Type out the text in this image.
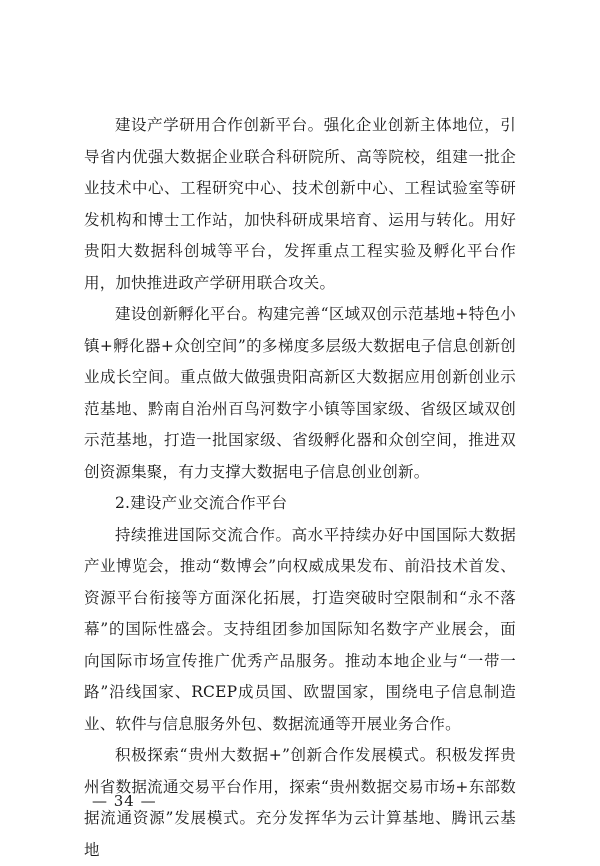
建设产学研用合作创新平台。强化企业创新主体地位，引导省内优强大数据企业联合科研院所、高等院校，组建一批企业技术中心、工程研究中心、技术创新中心、工程试验室等研发机构和博士工作站，加快科研成果培育、运用与转化。用好贵阳大数据科创城等平台，发挥重点工程实验及孵化平台作用，加快推进政产学研用联合攻关。

建设创新孵化平台。构建完善“区域双创示范基地+特色小镇+孵化器+众创空间”的多梯度多层级大数据电子信息创新创业成长空间。重点做大做强贵阳高新区大数据应用创新创业示范基地、黔南自治州百鸟河数字小镇等国家级、省级区域双创示范基地，打造一批国家级、省级孵化器和众创空间，推进双创资源集聚，有力支撑大数据电子信息创业创新。

2.建设产业交流合作平台

持续推进国际交流合作。高水平持续办好中国国际大数据产业博览会，推动“数博会”向权威成果发布、前沿技术首发、资源平台衔接等方面深化拓展，打造突破时空限制和“永不落幕”的国际性盛会。支持组团参加国际知名数字产业展会，面向国际市场宣传推广优秀产品服务。推动本地企业与“一带一路”沿线国家、RCEP成员国、欧盟国家，围绕电子信息制造业、软件与信息服务外包、数据流通等开展业务合作。

积极探索“贵州大数据+”创新合作发展模式。积极发挥贵州省数据流通交易平台作用，探索“贵州数据交易市场+东部数据流通资源”发展模式。充分发挥华为云计算基地、腾讯云基地

— 34 —
